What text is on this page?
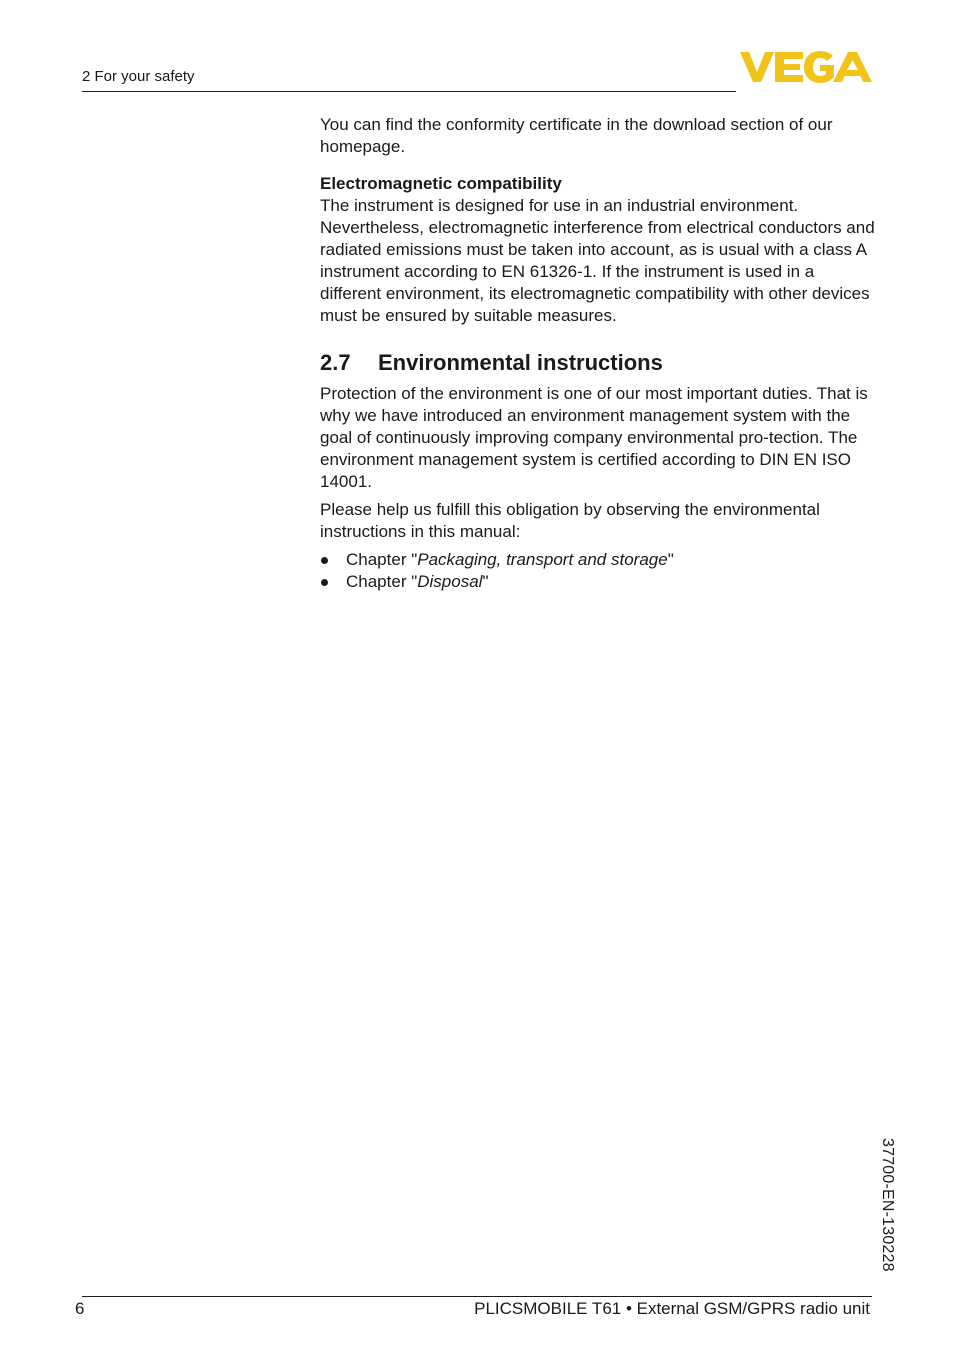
2 For your safety

You can find the conformity certificate in the download section of our homepage.

Electromagnetic compatibility

The instrument is designed for use in an industrial environment. Nevertheless, electromagnetic interference from electrical conductors and radiated emissions must be taken into account, as is usual with a class A instrument according to EN 61326-1. If the instrument is used in a different environment, its electromagnetic compatibility with other devices must be ensured by suitable measures.

2.7 Environmental instructions

Protection of the environment is one of our most important duties. That is why we have introduced an environment management system with the goal of continuously improving company environmental pro-tection. The environment management system is certified according to DIN EN ISO 14001.

Please help us fulfill this obligation by observing the environmental instructions in this manual:

Chapter "Packaging, transport and storage"
Chapter "Disposal"
37700-EN-130228
6	PLICSMOBILE T61 • External GSM/GPRS radio unit
